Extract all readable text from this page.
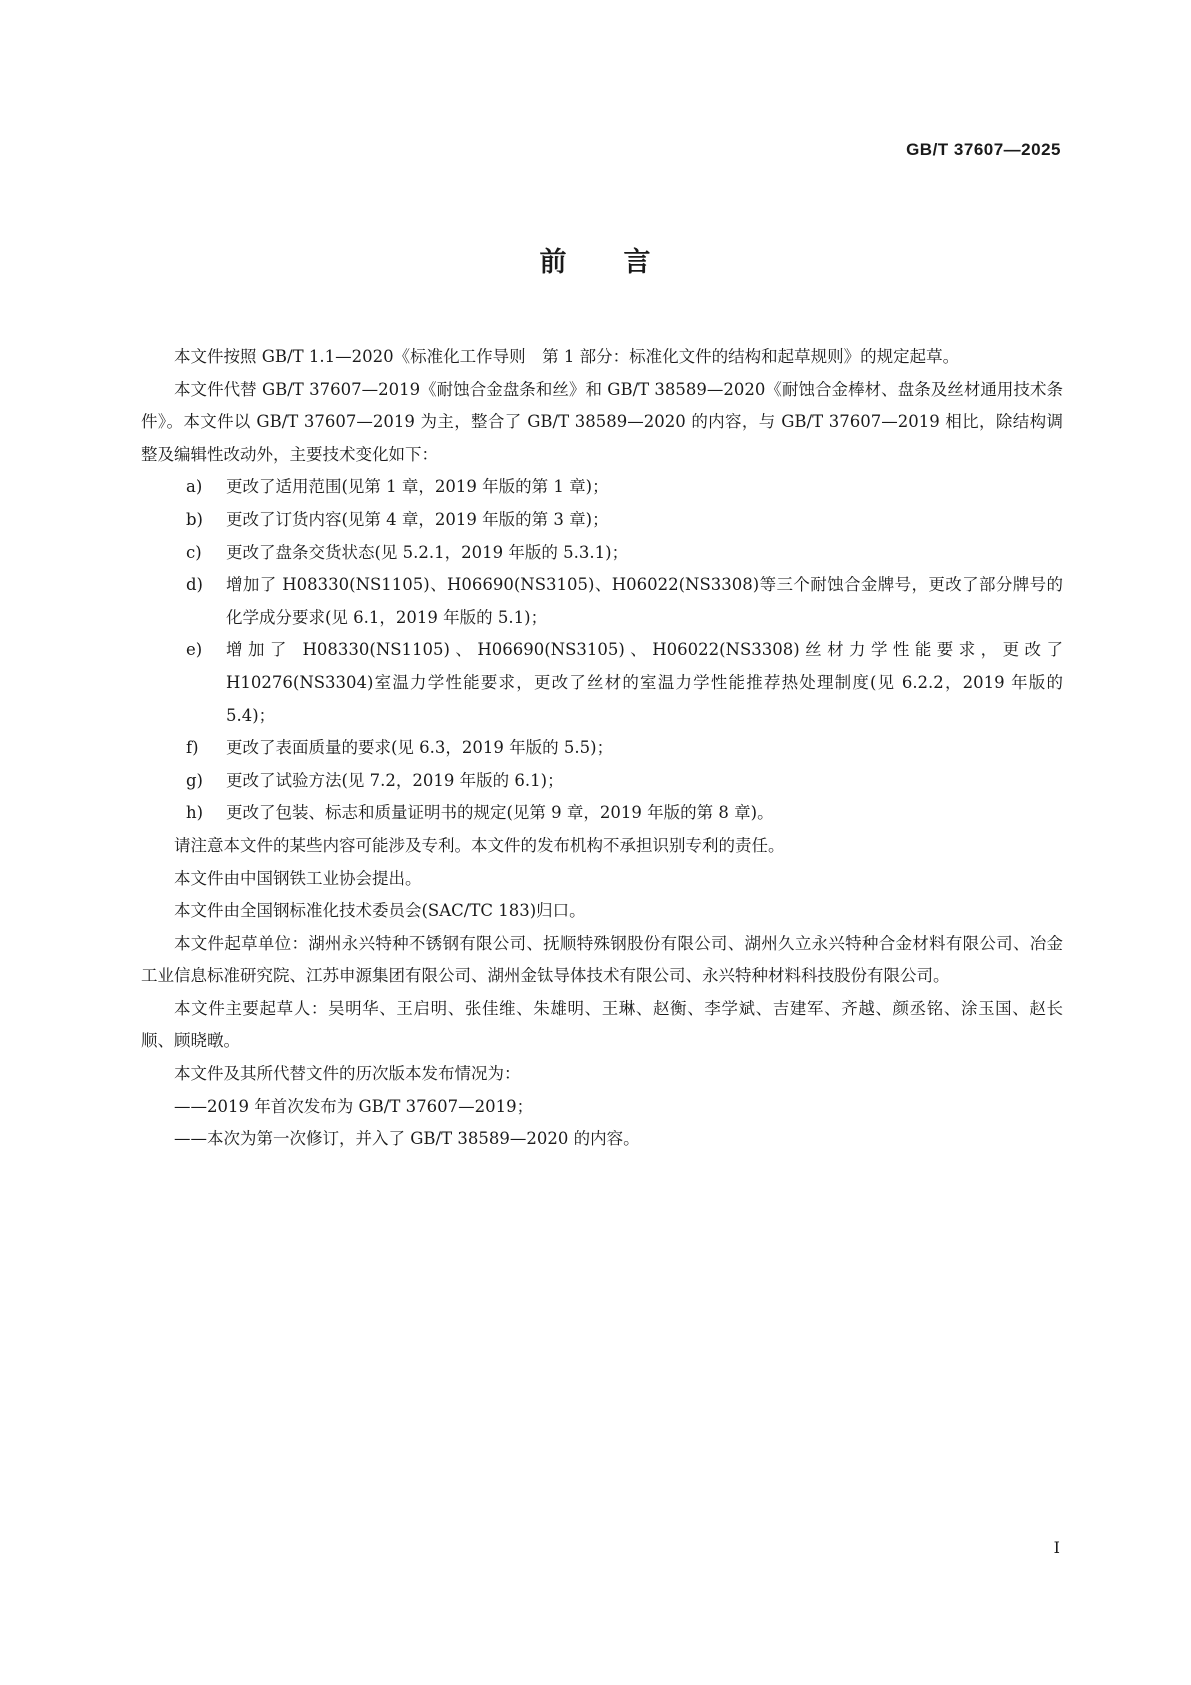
GB/T 37607—2025
前　　言

本文件按照 GB/T 1.1—2020《标准化工作导则　第 1 部分：标准化文件的结构和起草规则》的规定起草。

本文件代替 GB/T 37607—2019《耐蚀合金盘条和丝》和 GB/T 38589—2020《耐蚀合金棒材、盘条及丝材通用技术条件》。本文件以 GB/T 37607—2019 为主，整合了 GB/T 38589—2020 的内容，与 GB/T 37607—2019 相比，除结构调整及编辑性改动外，主要技术变化如下：

a)	更改了适用范围(见第 1 章，2019 年版的第 1 章)；
b)	更改了订货内容(见第 4 章，2019 年版的第 3 章)；
c)	更改了盘条交货状态(见 5.2.1，2019 年版的 5.3.1)；
d)	增加了 H08330(NS1105)、H06690(NS3105)、H06022(NS3308)等三个耐蚀合金牌号，更改了部分牌号的化学成分要求(见 6.1，2019 年版的 5.1)；
e)	增加了 H08330(NS1105)、H06690(NS3105)、H06022(NS3308)丝材力学性能要求，更改了 H10276(NS3304)室温力学性能要求，更改了丝材的室温力学性能推荐热处理制度(见 6.2.2，2019 年版的 5.4)；
f)	更改了表面质量的要求(见 6.3，2019 年版的 5.5)；
g)	更改了试验方法(见 7.2，2019 年版的 6.1)；
h)	更改了包装、标志和质量证明书的规定(见第 9 章，2019 年版的第 8 章)。

请注意本文件的某些内容可能涉及专利。本文件的发布机构不承担识别专利的责任。

本文件由中国钢铁工业协会提出。

本文件由全国钢标准化技术委员会(SAC/TC 183)归口。

本文件起草单位：湖州永兴特种不锈钢有限公司、抚顺特殊钢股份有限公司、湖州久立永兴特种合金材料有限公司、冶金工业信息标准研究院、江苏申源集团有限公司、湖州金钛导体技术有限公司、永兴特种材料科技股份有限公司。

本文件主要起草人：吴明华、王启明、张佳维、朱雄明、王琳、赵衡、李学斌、吉建军、齐越、颜丞铭、涂玉国、赵长顺、顾晓暾。

本文件及其所代替文件的历次版本发布情况为：

——2019 年首次发布为 GB/T 37607—2019；

——本次为第一次修订，并入了 GB/T 38589—2020 的内容。

I
